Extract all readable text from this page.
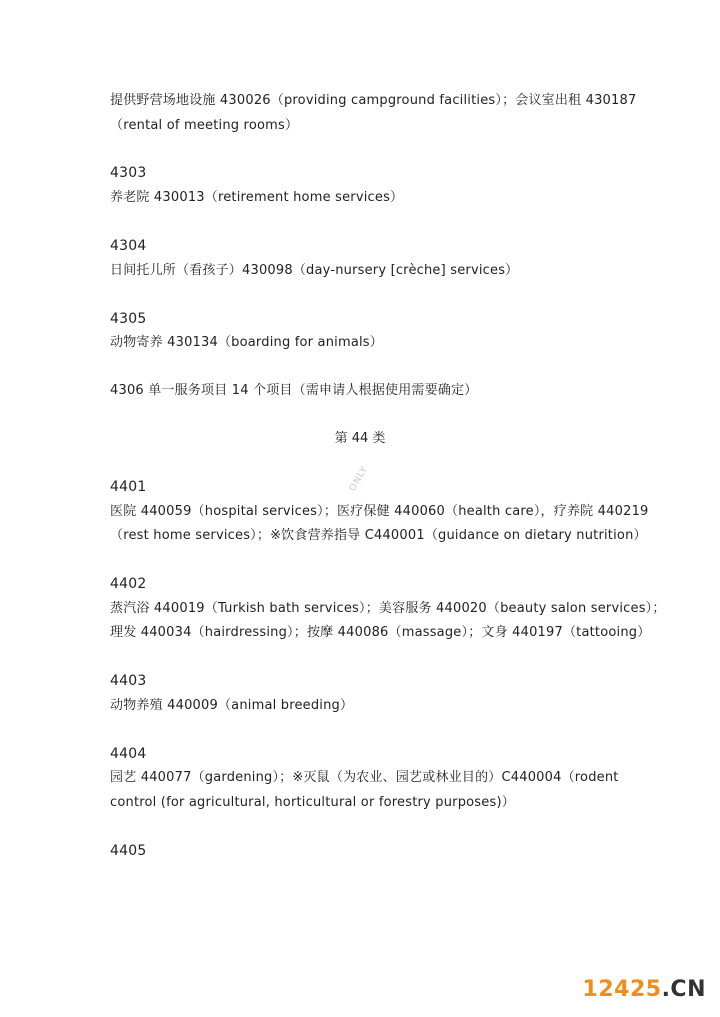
提供野营场地设施 430026（providing campground facilities）；会议室出租 430187
（rental of meeting rooms）
4303
养老院 430013（retirement home services）
4304
日间托儿所（看孩子）430098（day-nursery [crèche] services）
4305
动物寄养 430134（boarding for animals）
4306 单一服务项目 14 个项目（需申请人根据使用需要确定）
第 44 类
4401
医院 440059（hospital services）；医疗保健 440060（health care），疗养院 440219
（rest home services）；※饮食营养指导 C440001（guidance on dietary nutrition）
4402
蒸汽浴 440019（Turkish bath services）；美容服务 440020（beauty salon services）；
理发 440034（hairdressing）；按摩 440086（massage）；文身 440197（tattooing）
4403
动物养殖 440009（animal breeding）
4404
园艺 440077（gardening）；※灭鼠（为农业、园艺或林业目的）C440004（rodent
control (for agricultural, horticultural or forestry purposes)）
4405
ONLY
12425.CN
